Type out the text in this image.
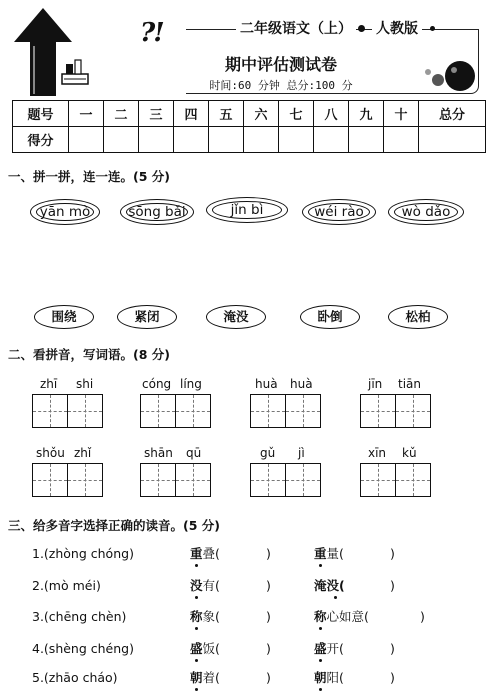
?!	二年级语文（上） 人教版
期中评估测试卷
时间:60 分钟 总分:100 分
题号	一	二	三	四	五	六	七	八	九	十	总分
得分											
一、拼一拼，连一连。(5 分)
yān mò	sōng bǎi	jǐn bì	wéi rào	wò dǎo
围绕	紧闭	淹没	卧倒	松柏
二、看拼音，写词语。(8 分)
zhī shi	cóng líng	huà huà	jīn tiān
shǒu zhǐ	shān qū	gǔ jì	xīn kǔ
三、给多音字选择正确的读音。(5 分)
1.(zhòng chóng)	重叠(	)	重量(	)
2.(mò méi)	没有(	)	淹没(	)
3.(chēng chèn)	称象(	)	称心如意(	)
4.(shèng chéng)	盛饭(	)	盛开(	)
5.(zhāo cháo)	朝着(	)	朝阳(	)
